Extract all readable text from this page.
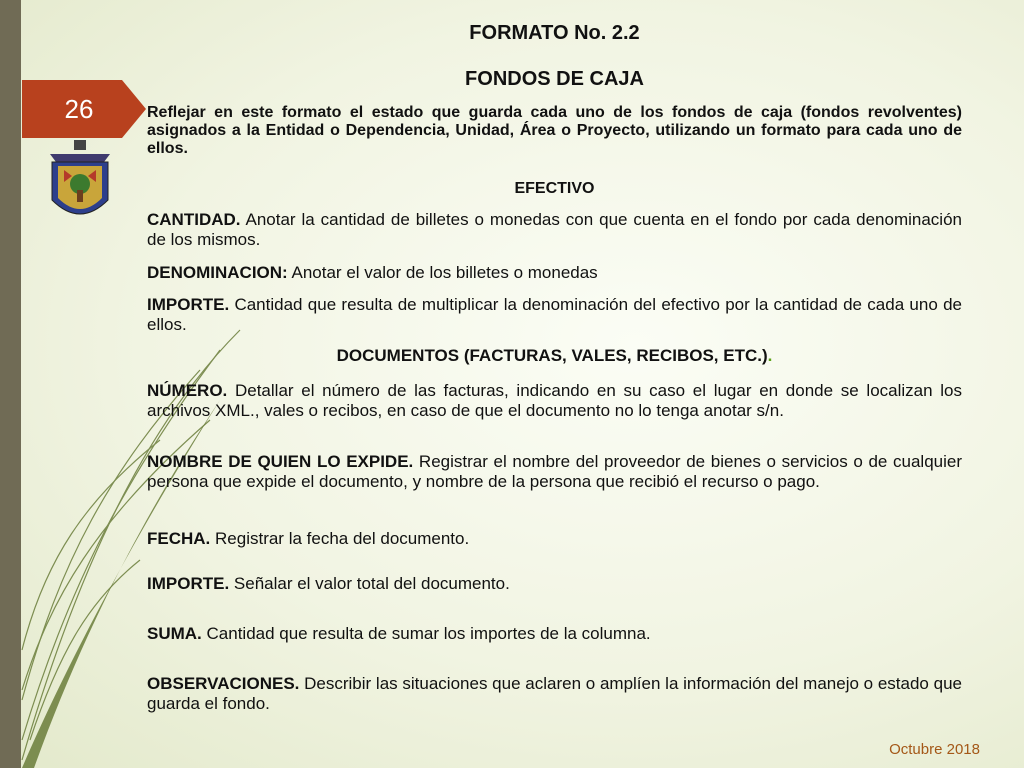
26
FORMATO No. 2.2
FONDOS DE CAJA

Reflejar en este formato el estado que guarda cada uno de los fondos de caja (fondos revolventes) asignados a la Entidad o Dependencia, Unidad, Área o Proyecto, utilizando un formato para cada uno de ellos.

EFECTIVO

CANTIDAD. Anotar la cantidad de billetes o monedas con que cuenta en el fondo por cada denominación de los mismos.

DENOMINACION: Anotar el valor de los billetes o monedas

IMPORTE. Cantidad que resulta de multiplicar la denominación del efectivo por la cantidad de cada uno de ellos.

DOCUMENTOS (FACTURAS, VALES, RECIBOS, ETC.).

NÚMERO. Detallar el número de las facturas, indicando en su caso el lugar en donde se localizan los archivos XML., vales o recibos, en caso de que el documento no lo tenga anotar s/n.

NOMBRE DE QUIEN LO EXPIDE. Registrar el nombre del proveedor de bienes o servicios o de cualquier persona que expide el documento, y nombre de la persona que recibió el recurso o pago.

FECHA. Registrar la fecha del documento.

IMPORTE. Señalar el valor total del documento.

SUMA. Cantidad que resulta de sumar los importes de la columna.

OBSERVACIONES. Describir las situaciones que aclaren o amplíen la información del manejo o estado que guarda el fondo.

Octubre 2018
